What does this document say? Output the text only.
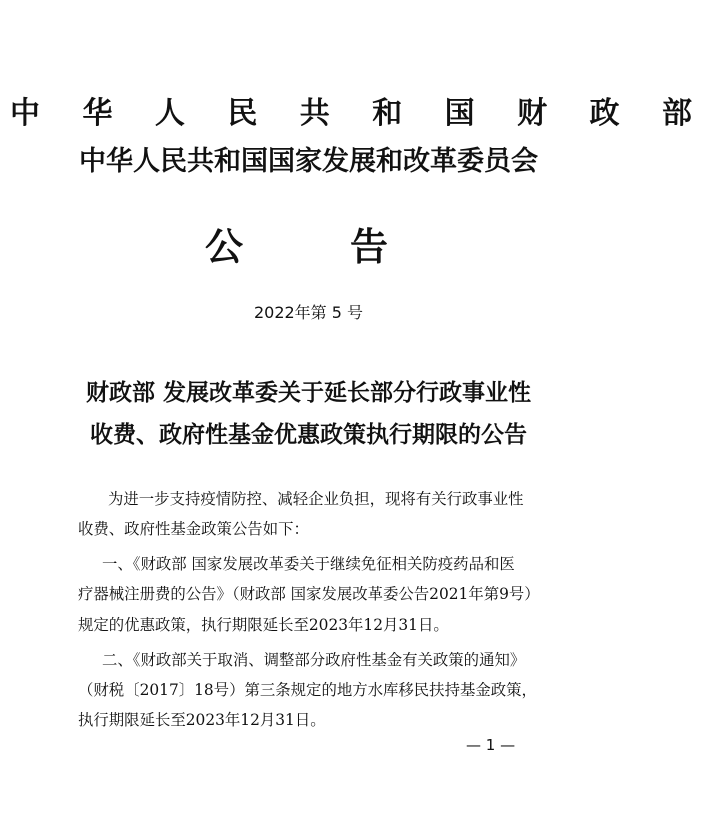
中 华 人 民 共 和 国 财 政 部
中华人民共和国国家发展和改革委员会
公	告
2022年第 5 号
财政部 发展改革委关于延长部分行政事业性
收费、政府性基金优惠政策执行期限的公告
为进一步支持疫情防控、减轻企业负担，现将有关行政事业性
收费、政府性基金政策公告如下：
一、《财政部 国家发展改革委关于继续免征相关防疫药品和医
疗器械注册费的公告》（财政部 国家发展改革委公告2021年第9号）
规定的优惠政策，执行期限延长至2023年12月31日。
二、《财政部关于取消、调整部分政府性基金有关政策的通知》
（财税〔2017〕18号）第三条规定的地方水库移民扶持基金政策，
执行期限延长至2023年12月31日。
— 1 —
